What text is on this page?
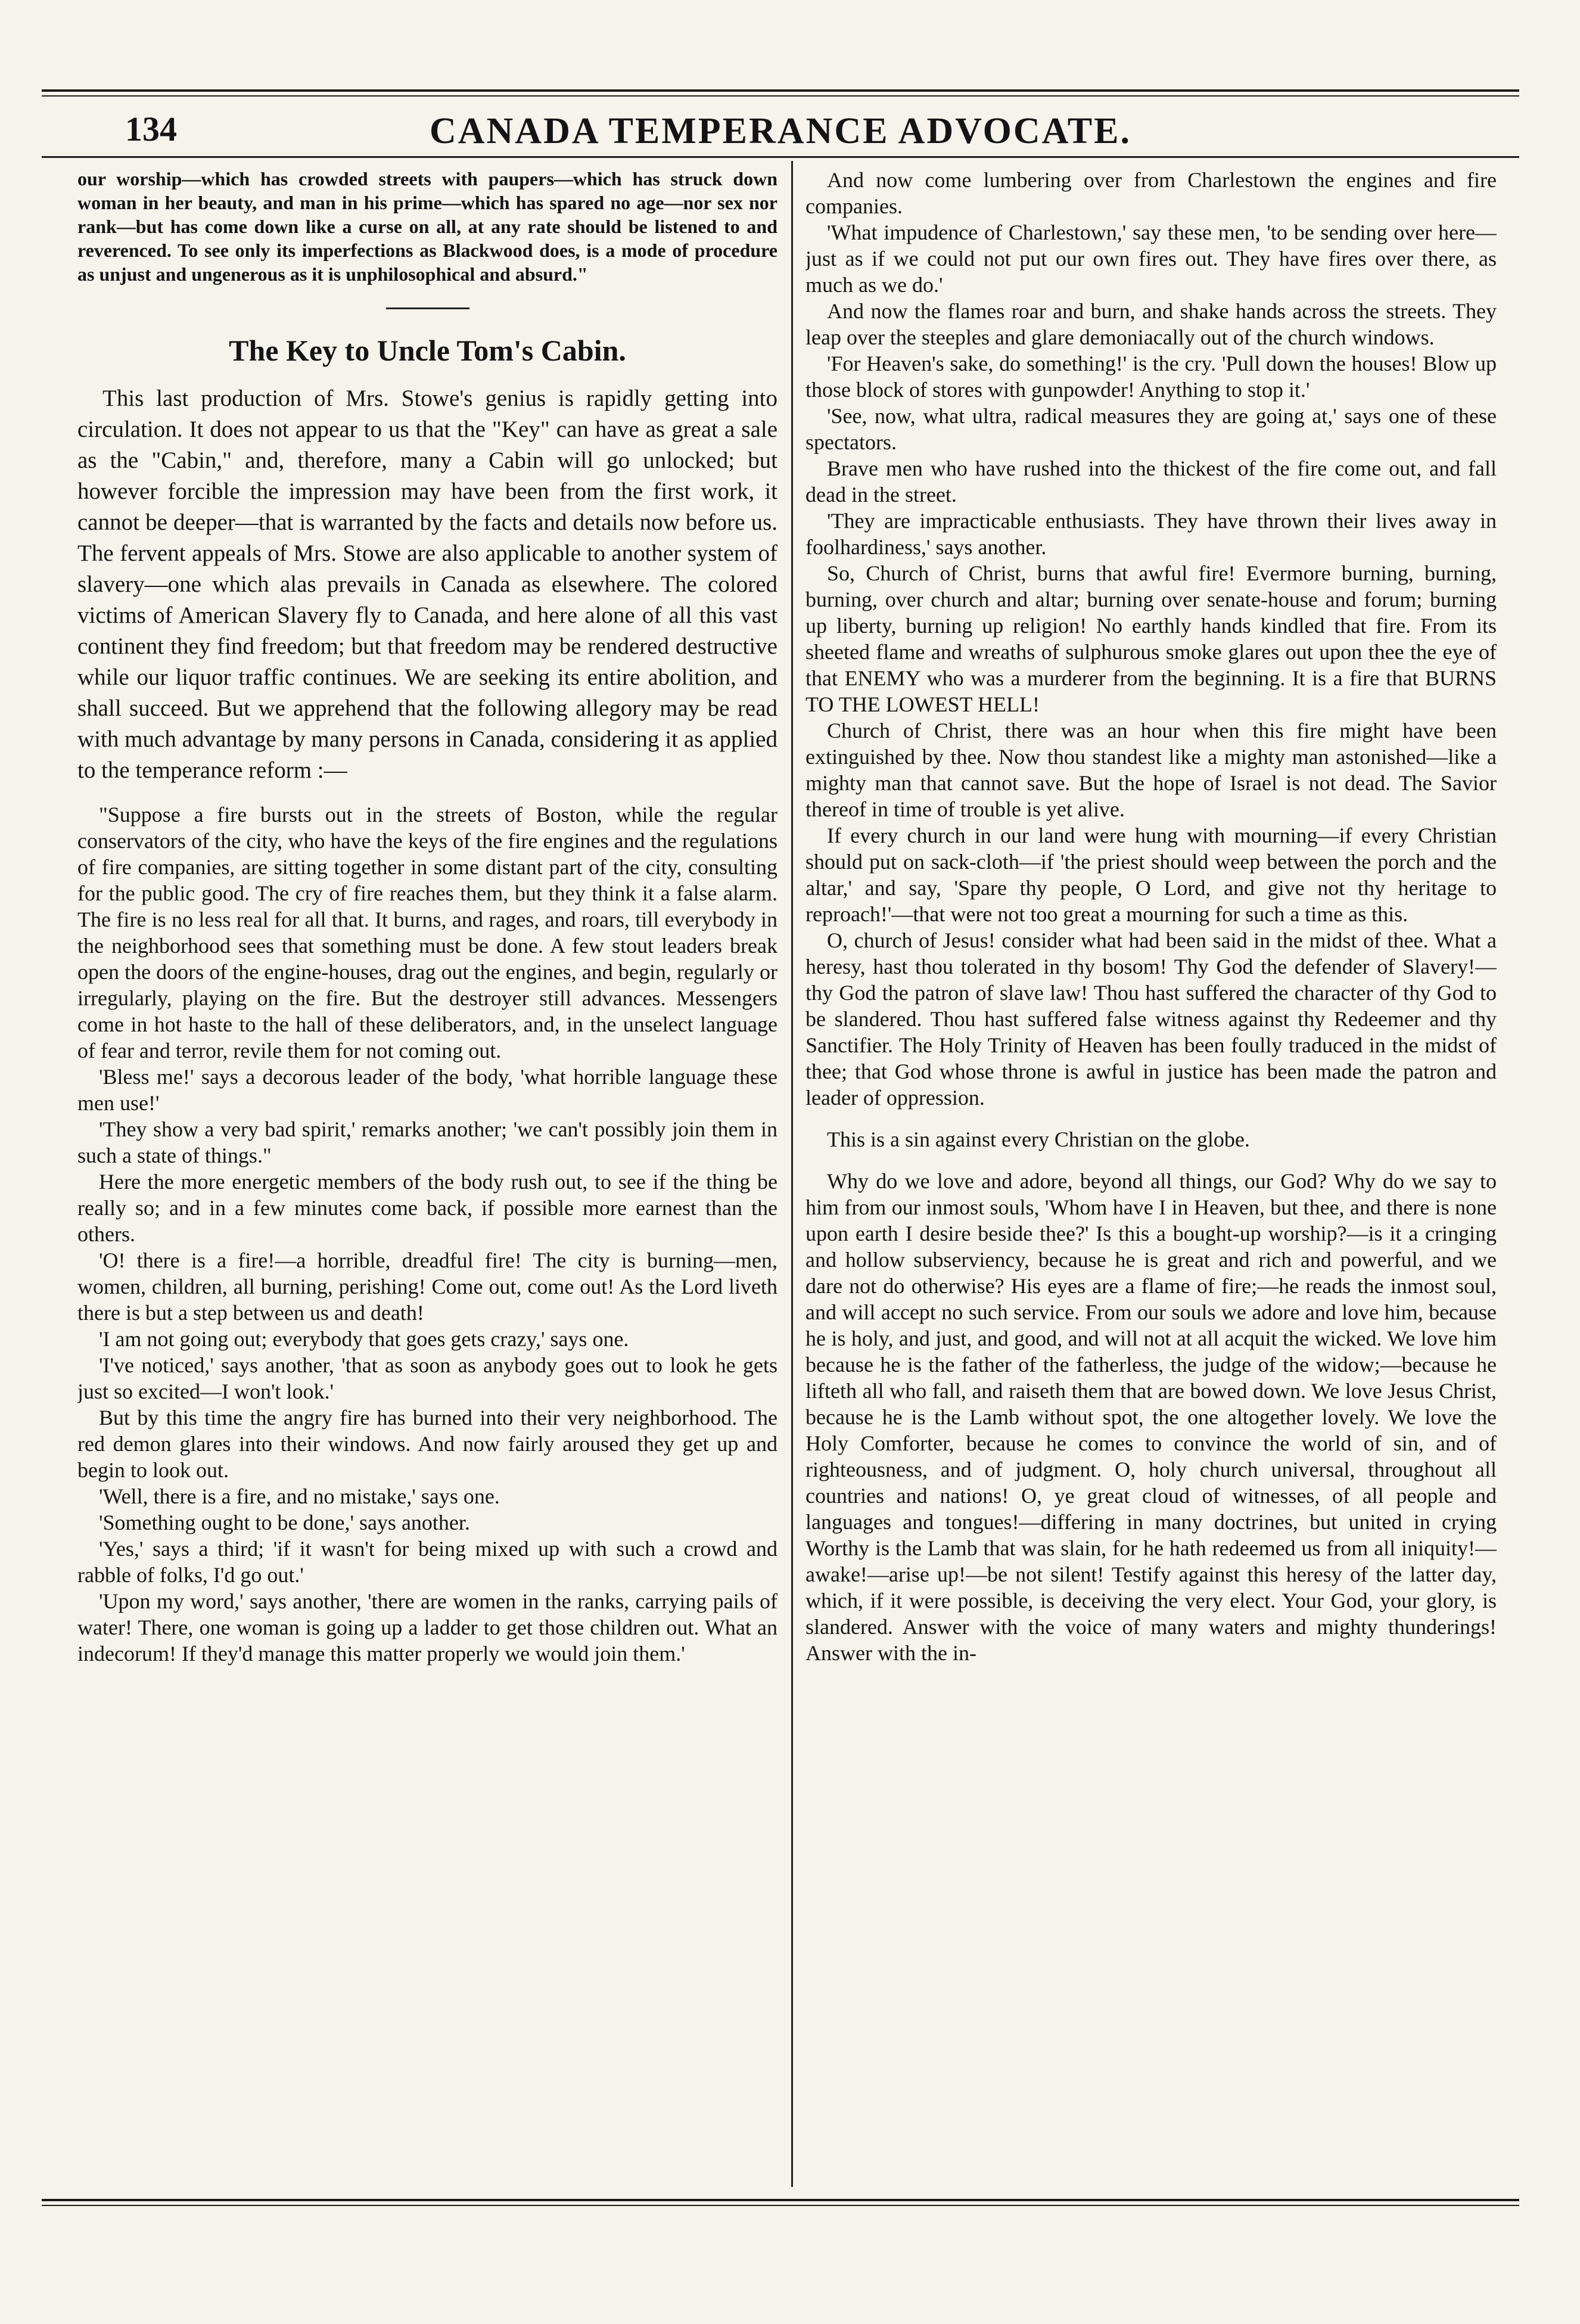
134	CANADA TEMPERANCE ADVOCATE.

our worship—which has crowded streets with paupers—which has struck down woman in her beauty, and man in his prime—which has spared no age—nor sex nor rank—but has come down like a curse on all, at any rate should be listened to and reverenced. To see only its imperfections as Blackwood does, is a mode of procedure as unjust and ungenerous as it is unphilosophical and absurd."

The Key to Uncle Tom's Cabin.

This last production of Mrs. Stowe's genius is rapidly getting into circulation. It does not appear to us that the "Key" can have as great a sale as the "Cabin," and, therefore, many a Cabin will go unlocked; but however forcible the impression may have been from the first work, it cannot be deeper—that is warranted by the facts and details now before us. The fervent appeals of Mrs. Stowe are also applicable to another system of slavery—one which alas prevails in Canada as elsewhere. The colored victims of American Slavery fly to Canada, and here alone of all this vast continent they find freedom; but that freedom may be rendered destructive while our liquor traffic continues. We are seeking its entire abolition, and shall succeed. But we apprehend that the following allegory may be read with much advantage by many persons in Canada, considering it as applied to the temperance reform :—

"Suppose a fire bursts out in the streets of Boston, while the regular conservators of the city, who have the keys of the fire engines and the regulations of fire companies, are sitting together in some distant part of the city, consulting for the public good. The cry of fire reaches them, but they think it a false alarm. The fire is no less real for all that. It burns, and rages, and roars, till everybody in the neighborhood sees that something must be done. A few stout leaders break open the doors of the engine-houses, drag out the engines, and begin, regularly or irregularly, playing on the fire. But the destroyer still advances. Messengers come in hot haste to the hall of these deliberators, and, in the unselect language of fear and terror, revile them for not coming out.

'Bless me!' says a decorous leader of the body, 'what horrible language these men use!'

'They show a very bad spirit,' remarks another; 'we can't possibly join them in such a state of things."

Here the more energetic members of the body rush out, to see if the thing be really so; and in a few minutes come back, if possible more earnest than the others.

'O! there is a fire!—a horrible, dreadful fire! The city is burning—men, women, children, all burning, perishing! Come out, come out! As the Lord liveth there is but a step between us and death!

'I am not going out; everybody that goes gets crazy,' says one.

'I've noticed,' says another, 'that as soon as anybody goes out to look he gets just so excited—I won't look.'

But by this time the angry fire has burned into their very neighborhood. The red demon glares into their windows. And now fairly aroused they get up and begin to look out.

'Well, there is a fire, and no mistake,' says one.

'Something ought to be done,' says another.

'Yes,' says a third; 'if it wasn't for being mixed up with such a crowd and rabble of folks, I'd go out.'

'Upon my word,' says another, 'there are women in the ranks, carrying pails of water! There, one woman is going up a ladder to get those children out. What an indecorum! If they'd manage this matter properly we would join them.'

And now come lumbering over from Charlestown the engines and fire companies.

'What impudence of Charlestown,' say these men, 'to be sending over here—just as if we could not put our own fires out. They have fires over there, as much as we do.'

And now the flames roar and burn, and shake hands across the streets. They leap over the steeples and glare demoniacally out of the church windows.

'For Heaven's sake, do something!' is the cry. 'Pull down the houses! Blow up those block of stores with gunpowder! Anything to stop it.'

'See, now, what ultra, radical measures they are going at,' says one of these spectators.

Brave men who have rushed into the thickest of the fire come out, and fall dead in the street.

'They are impracticable enthusiasts. They have thrown their lives away in foolhardiness,' says another.

So, Church of Christ, burns that awful fire! Evermore burning, burning, burning, over church and altar; burning over senate-house and forum; burning up liberty, burning up religion! No earthly hands kindled that fire. From its sheeted flame and wreaths of sulphurous smoke glares out upon thee the eye of that ENEMY who was a murderer from the beginning. It is a fire that BURNS TO THE LOWEST HELL!

Church of Christ, there was an hour when this fire might have been extinguished by thee. Now thou standest like a mighty man astonished—like a mighty man that cannot save. But the hope of Israel is not dead. The Savior thereof in time of trouble is yet alive.

If every church in our land were hung with mourning—if every Christian should put on sack-cloth—if 'the priest should weep between the porch and the altar,' and say, 'Spare thy people, O Lord, and give not thy heritage to reproach!'—that were not too great a mourning for such a time as this.

O, church of Jesus! consider what had been said in the midst of thee. What a heresy, hast thou tolerated in thy bosom! Thy God the defender of Slavery!—thy God the patron of slave law! Thou hast suffered the character of thy God to be slandered. Thou hast suffered false witness against thy Redeemer and thy Sanctifier. The Holy Trinity of Heaven has been foully traduced in the midst of thee; that God whose throne is awful in justice has been made the patron and leader of oppression.

This is a sin against every Christian on the globe.

Why do we love and adore, beyond all things, our God? Why do we say to him from our inmost souls, 'Whom have I in Heaven, but thee, and there is none upon earth I desire beside thee?' Is this a bought-up worship?—is it a cringing and hollow subserviency, because he is great and rich and powerful, and we dare not do otherwise? His eyes are a flame of fire;—he reads the inmost soul, and will accept no such service. From our souls we adore and love him, because he is holy, and just, and good, and will not at all acquit the wicked. We love him because he is the father of the fatherless, the judge of the widow;—because he lifteth all who fall, and raiseth them that are bowed down. We love Jesus Christ, because he is the Lamb without spot, the one altogether lovely. We love the Holy Comforter, because he comes to convince the world of sin, and of righteousness, and of judgment. O, holy church universal, throughout all countries and nations! O, ye great cloud of witnesses, of all people and languages and tongues!—differing in many doctrines, but united in crying Worthy is the Lamb that was slain, for he hath redeemed us from all iniquity!—awake!—arise up!—be not silent! Testify against this heresy of the latter day, which, if it were possible, is deceiving the very elect. Your God, your glory, is slandered. Answer with the voice of many waters and mighty thunderings! Answer with the in-
